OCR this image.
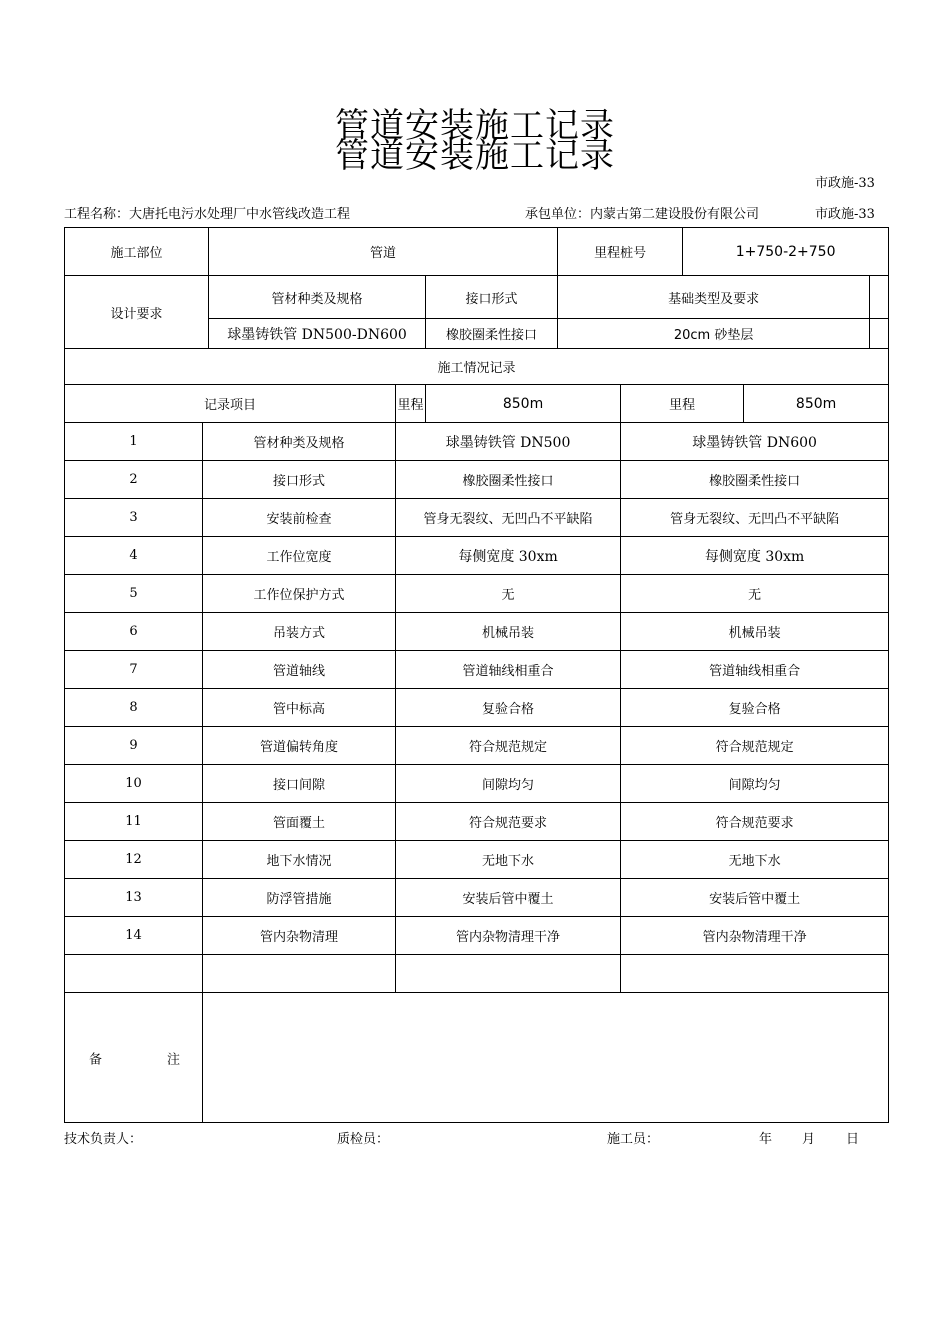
管道安装施工记录
管道安装施工记录
市政施-33
工程名称：大唐托电污水处理厂中水管线改造工程	承包单位：内蒙古第二建设股份有限公司	市政施-33
施工部位		管道			里程桩号		1+750-2+750		
设计要求		管材种类及规格		接口形式	基础类型及要求				
		球墨铸铁管 DN500-DN600		橡胶圈柔性接口	20cm 砂垫层				
施工情况记录									
记录项目			里程	850m		里程		850m	
1	管材种类及规格		球墨铸铁管 DN500			球墨铸铁管 DN600			
2	接口形式		橡胶圈柔性接口			橡胶圈柔性接口			
3	安装前检查		管身无裂纹、无凹凸不平缺陷			管身无裂纹、无凹凸不平缺陷			
4	工作位宽度		每侧宽度 30xm			每侧宽度 30xm			
5	工作位保护方式		无			无			
6	吊装方式		机械吊装			机械吊装			
7	管道轴线		管道轴线相重合			管道轴线相重合			
8	管中标高		复验合格			复验合格			
9	管道偏转角度		符合规范规定			符合规范规定			
10	接口间隙		间隙均匀			间隙均匀			
11	管面覆土		符合规范要求			符合规范要求			
12	地下水情况		无地下水			无地下水			
13	防浮管措施		安装后管中覆土			安装后管中覆土			
14	管内杂物清理		管内杂物清理干净			管内杂物清理干净			

备 注									

技术负责人：	质检员：	施工员：	年 月 日
